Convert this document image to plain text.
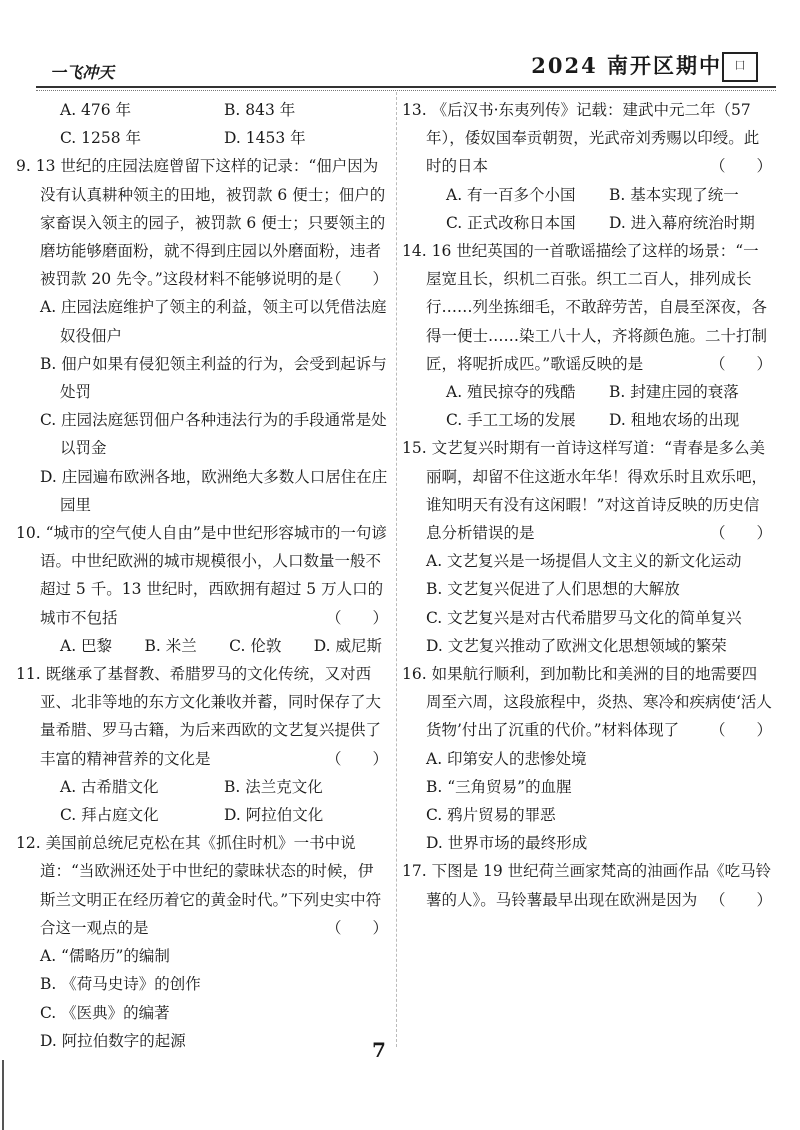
一飞冲天	2024 南开区期中	囗
A. 476 年	B. 843 年
C. 1258 年	D. 1453 年

9. 13 世纪的庄园法庭曾留下这样的记录：“佃户因为没有认真耕种领主的田地，被罚款 6 便士；佃户的家畜误入领主的园子，被罚款 6 便士；只要领主的磨坊能够磨面粉，就不得到庄园以外磨面粉，违者被罚款 20 先令。”这段材料不能够说明的是
（　　）

A. 庄园法庭维护了领主的利益，领主可以凭借法庭奴役佃户

B. 佃户如果有侵犯领主利益的行为，会受到起诉与处罚

C. 庄园法庭惩罚佃户各种违法行为的手段通常是处以罚金

D. 庄园遍布欧洲各地，欧洲绝大多数人口居住在庄园里

10. “城市的空气使人自由”是中世纪形容城市的一句谚语。中世纪欧洲的城市规模很小，人口数量一般不超过 5 千。13 世纪时，西欧拥有超过 5 万人口的城市不包括	（　　）

A. 巴黎 B. 米兰 C. 伦敦 D. 威尼斯

11. 既继承了基督教、希腊罗马的文化传统，又对西亚、北非等地的东方文化兼收并蓄，同时保存了大量希腊、罗马古籍，为后来西欧的文艺复兴提供了丰富的精神营养的文化是	（　　）

A. 古希腊文化	B. 法兰克文化
C. 拜占庭文化	D. 阿拉伯文化

12. 美国前总统尼克松在其《抓住时机》一书中说道：“当欧洲还处于中世纪的蒙昧状态的时候，伊斯兰文明正在经历着它的黄金时代。”下列史实中符合这一观点的是	（　　）

A. “儒略历”的编制

B. 《荷马史诗》的创作

C. 《医典》的编著

D. 阿拉伯数字的起源

13. 《后汉书·东夷列传》记载：建武中元二年（57年），倭奴国奉贡朝贺，光武帝刘秀赐以印绶。此时的日本	（　　）

A. 有一百多个小国	B. 基本实现了统一
C. 正式改称日本国	D. 进入幕府统治时期

14. 16 世纪英国的一首歌谣描绘了这样的场景：“一屋宽且长，织机二百张。织工二百人，排列成长行……列坐拣细毛，不敢辞劳苦，自晨至深夜，各得一便士……染工八十人，齐将颜色施。二十打制匠，将呢折成匹。”歌谣反映的是	（　　）

A. 殖民掠夺的残酷	B. 封建庄园的衰落
C. 手工工场的发展	D. 租地农场的出现

15. 文艺复兴时期有一首诗这样写道：“青春是多么美丽啊，却留不住这逝水年华！得欢乐时且欢乐吧，谁知明天有没有这闲暇！”对这首诗反映的历史信息分析错误的是	（　　）

A. 文艺复兴是一场提倡人文主义的新文化运动

B. 文艺复兴促进了人们思想的大解放

C. 文艺复兴是对古代希腊罗马文化的简单复兴

D. 文艺复兴推动了欧洲文化思想领域的繁荣

16. 如果航行顺利，到加勒比和美洲的目的地需要四周至六周，这段旅程中，炎热、寒冷和疾病使‘活人货物’付出了沉重的代价。”材料体现了 （　　）

A. 印第安人的悲惨处境

B. “三角贸易”的血腥

C. 鸦片贸易的罪恶

D. 世界市场的最终形成

17. 下图是 19 世纪荷兰画家梵高的油画作品《吃马铃薯的人》。马铃薯最早出现在欧洲是因为 （　　）

7
